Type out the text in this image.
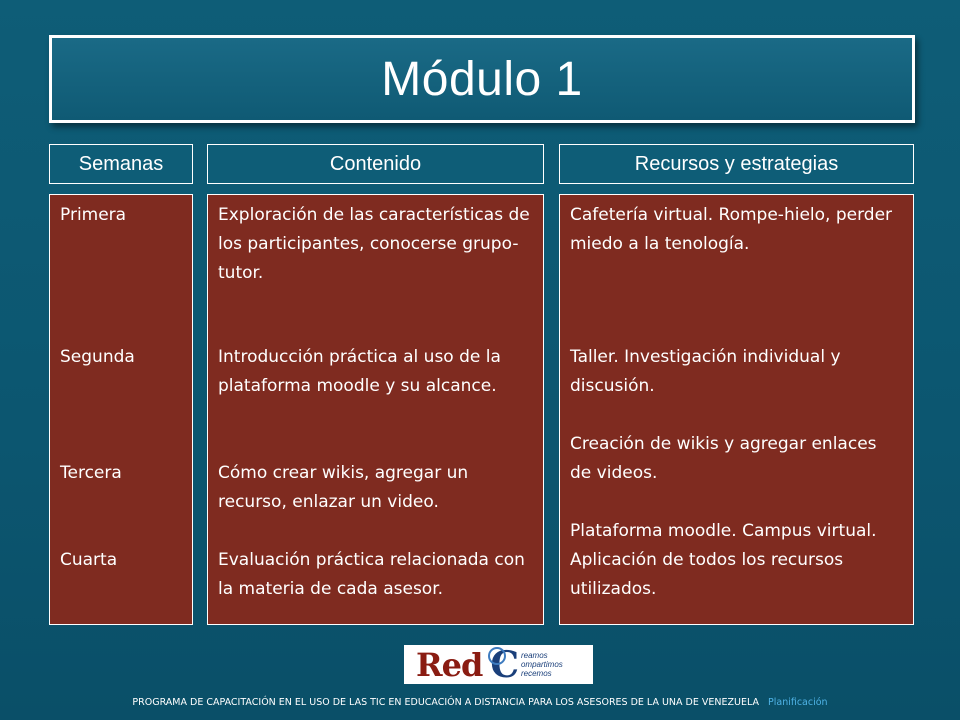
Módulo 1
Semanas	Contenido	Recursos y estrategias
Primera
Segunda
Tercera
Cuarta
Exploración de las características de los participantes, conocerse grupo-tutor.
Introducción práctica al uso de la plataforma moodle y su alcance.
Cómo crear wikis, agregar un recurso, enlazar un video.
Evaluación práctica relacionada con la materia de cada asesor.
Cafetería virtual. Rompe-hielo, perder miedo a la tenología.
Taller. Investigación individual y discusión.
Creación de wikis y agregar enlaces de videos.
Plataforma moodle. Campus virtual. Aplicación de todos los recursos utilizados.
Red C reamos
ompartimos
recemos
PROGRAMA DE CAPACITACIÓN EN EL USO DE LAS TIC EN EDUCACIÓN A DISTANCIA PARA LOS ASESORES DE LA UNA DE VENEZUELA Planificación
